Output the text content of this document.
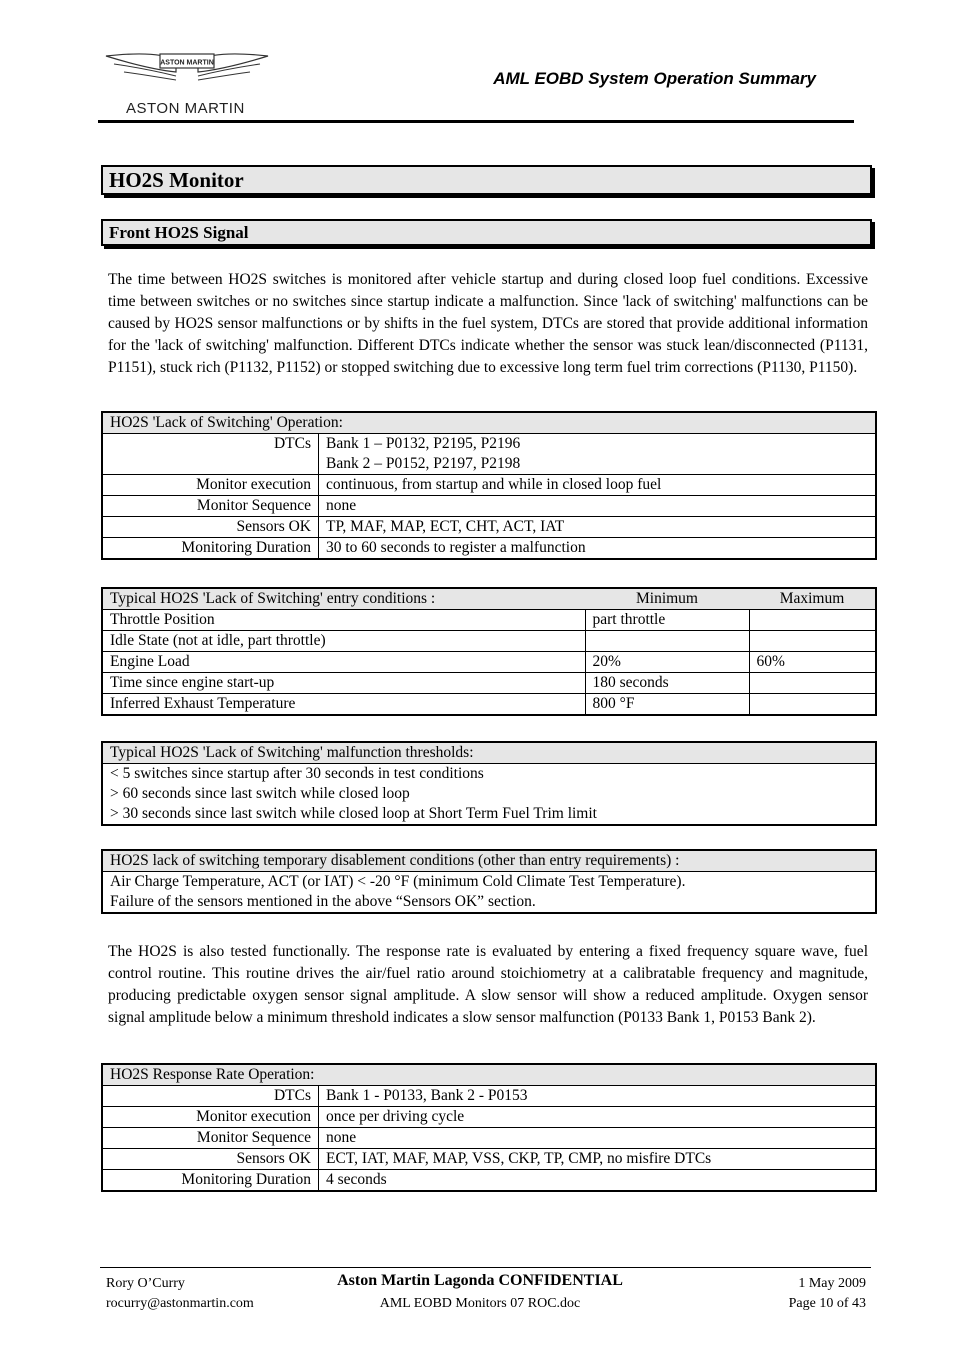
ASTON MARTIN
ASTON MARTIN
AML EOBD System Operation Summary
HO2S Monitor
Front HO2S Signal
The time between HO2S switches is monitored after vehicle startup and during closed loop fuel conditions. Excessive time between switches or no switches since startup indicate a malfunction. Since 'lack of switching' malfunctions can be caused by HO2S sensor malfunctions or by shifts in the fuel system, DTCs are stored that provide additional information for the 'lack of switching' malfunction. Different DTCs indicate whether the sensor was stuck lean/disconnected (P1131, P1151), stuck rich (P1132, P1152) or stopped switching due to excessive long term fuel trim corrections (P1130, P1150).
HO2S 'Lack of Switching' Operation:	
DTCs	Bank 1 – P0132, P2195, P2196
Bank 2 – P0152, P2197, P2198

Monitor execution	continuous, from startup and while in closed loop fuel
Monitor Sequence	none
Sensors OK	TP, MAF, MAP, ECT, CHT, ACT, IAT
Monitoring Duration	30 to 60 seconds to register a malfunction
Typical HO2S 'Lack of Switching' entry conditions :	Minimum	Maximum
Throttle Position	part throttle	
Idle State (not at idle, part throttle)		
Engine Load	20%	60%
Time since engine start-up	180 seconds	
Inferred Exhaust Temperature	800 °F	
Typical HO2S 'Lack of Switching' malfunction thresholds:

< 5 switches since startup after 30 seconds in test conditions
> 60 seconds since last switch while closed loop
> 30 seconds since last switch while closed loop at Short Term Fuel Trim limit
HO2S lack of switching temporary disablement conditions (other than entry requirements) :

Air Charge Temperature, ACT (or IAT) < -20 °F (minimum Cold Climate Test Temperature).
Failure of the sensors mentioned in the above “Sensors OK” section.
The HO2S is also tested functionally. The response rate is evaluated by entering a fixed frequency square wave, fuel control routine. This routine drives the air/fuel ratio around stoichiometry at a calibratable frequency and magnitude, producing predictable oxygen sensor signal amplitude. A slow sensor will show a reduced amplitude. Oxygen sensor signal amplitude below a minimum threshold indicates a slow sensor malfunction (P0133 Bank 1, P0153 Bank 2).
HO2S Response Rate Operation:	
DTCs	Bank 1 - P0133, Bank 2 - P0153
Monitor execution	once per driving cycle
Monitor Sequence	none
Sensors OK	ECT, IAT, MAF, MAP, VSS, CKP, TP, CMP, no misfire DTCs
Monitoring Duration	4 seconds
Rory O’Curry
rocurry@astonmartin.com
Aston Martin Lagonda CONFIDENTIAL
AML EOBD Monitors 07 ROC.doc
1 May 2009
Page 10 of 43
